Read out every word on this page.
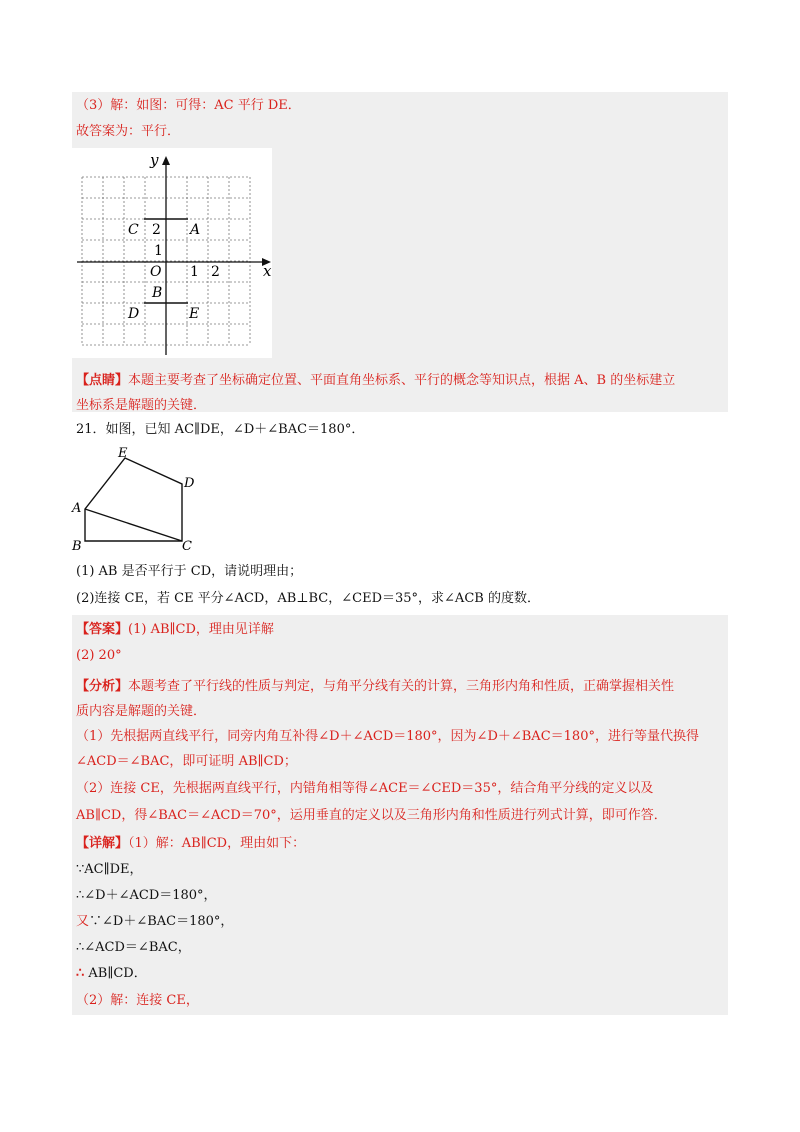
（3）解：如图：可得：AC 平行 DE．
故答案为：平行．
y
x
C 2 A
1
O 1 2
B
D	E
【点睛】本题主要考查了坐标确定位置、平面直角坐标系、平行的概念等知识点，根据 A、B 的坐标建立
坐标系是解题的关键．
21．如图，已知 AC∥DE，∠D＋∠BAC＝180°．
E
D
A
B	C
(1) AB 是否平行于 CD，请说明理由；
(2)连接 CE，若 CE 平分∠ACD，AB⊥BC，∠CED＝35°，求∠ACB 的度数．
【答案】(1) AB∥CD，理由见详解
(2) 20°
【分析】本题考查了平行线的性质与判定，与角平分线有关的计算，三角形内角和性质，正确掌握相关性
质内容是解题的关键．
（1）先根据两直线平行，同旁内角互补得∠D＋∠ACD＝180°，因为∠D＋∠BAC＝180°，进行等量代换得
∠ACD＝∠BAC，即可证明 AB∥CD；
（2）连接 CE，先根据两直线平行，内错角相等得∠ACE＝∠CED＝35°，结合角平分线的定义以及
AB∥CD，得∠BAC＝∠ACD＝70°，运用垂直的定义以及三角形内角和性质进行列式计算，即可作答．
【详解】（1）解：AB∥CD，理由如下：
∵AC∥DE，
∴∠D＋∠ACD＝180°，
又∵∠D＋∠BAC＝180°，
∴∠ACD＝∠BAC，
∴ AB∥CD．
（2）解：连接 CE，
